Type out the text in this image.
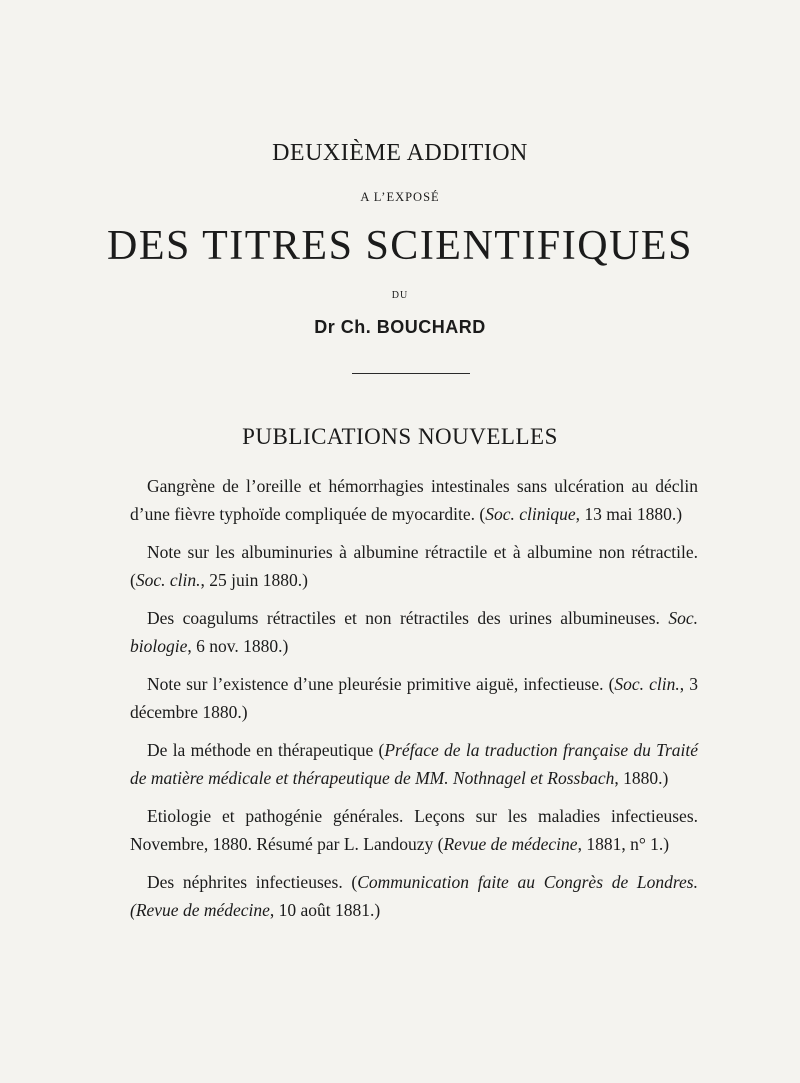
DEUXIÈME ADDITION
A L’EXPOSÉ
DES TITRES SCIENTIFIQUES
DU
Dr Ch. BOUCHARD
PUBLICATIONS NOUVELLES

Gangrène de l’oreille et hémorrhagies intestinales sans ulcération au déclin d’une fièvre typhoïde compliquée de myocardite. (Soc. clinique, 13 mai 1880.)

Note sur les albuminuries à albumine rétractile et à albumine non rétractile. (Soc. clin., 25 juin 1880.)

Des coagulums rétractiles et non rétractiles des urines albumineuses. Soc. biologie, 6 nov. 1880.)

Note sur l’existence d’une pleurésie primitive aiguë, infectieuse. (Soc. clin., 3 décembre 1880.)

De la méthode en thérapeutique (Préface de la traduction française du Traité de matière médicale et thérapeutique de MM. Nothnagel et Rossbach, 1880.)

Etiologie et pathogénie générales. Leçons sur les maladies infectieuses. Novembre, 1880. Résumé par L. Landouzy (Revue de médecine, 1881, n° 1.)

Des néphrites infectieuses. (Communication faite au Congrès de Londres. (Revue de médecine, 10 août 1881.)
